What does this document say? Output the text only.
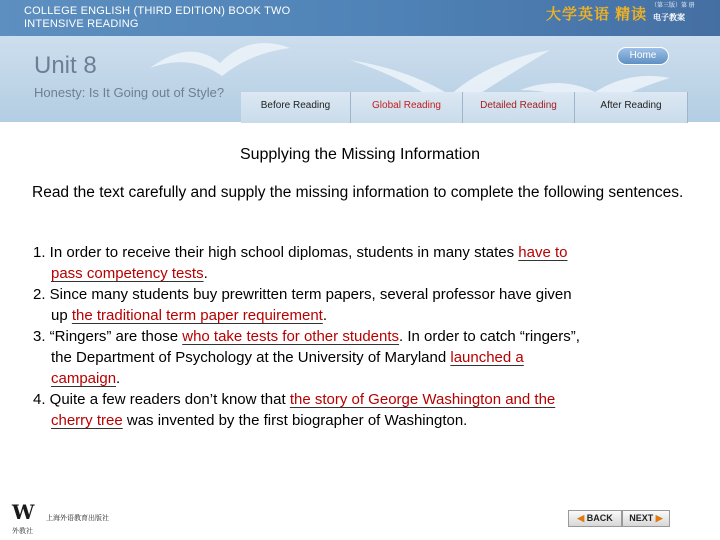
COLLEGE ENGLISH (THIRD EDITION) BOOK TWO
INTENSIVE READING
大学英语 精读 （第三版）第 册
电子教案
Unit 8
Honesty: Is It Going out of Style?
Home
Before Reading	Global Reading	Detailed Reading	After Reading
Supplying the Missing Information
Read the text carefully and supply the missing information to complete the following sentences.

1. In order to receive their high school diplomas, students in many states have to

pass competency tests.

2. Since many students buy prewritten term papers, several professor have given

up the traditional term paper requirement.

3. “Ringers” are those who take tests for other students. In order to catch “ringers”,

the Department of Psychology at the University of Maryland launched a

campaign.

4. Quite a few readers don’t know that the story of George Washington and the

cherry tree was invented by the first biographer of Washington.

W
外教社
上海外语教育出版社	◀ BACK	NEXT ▶
